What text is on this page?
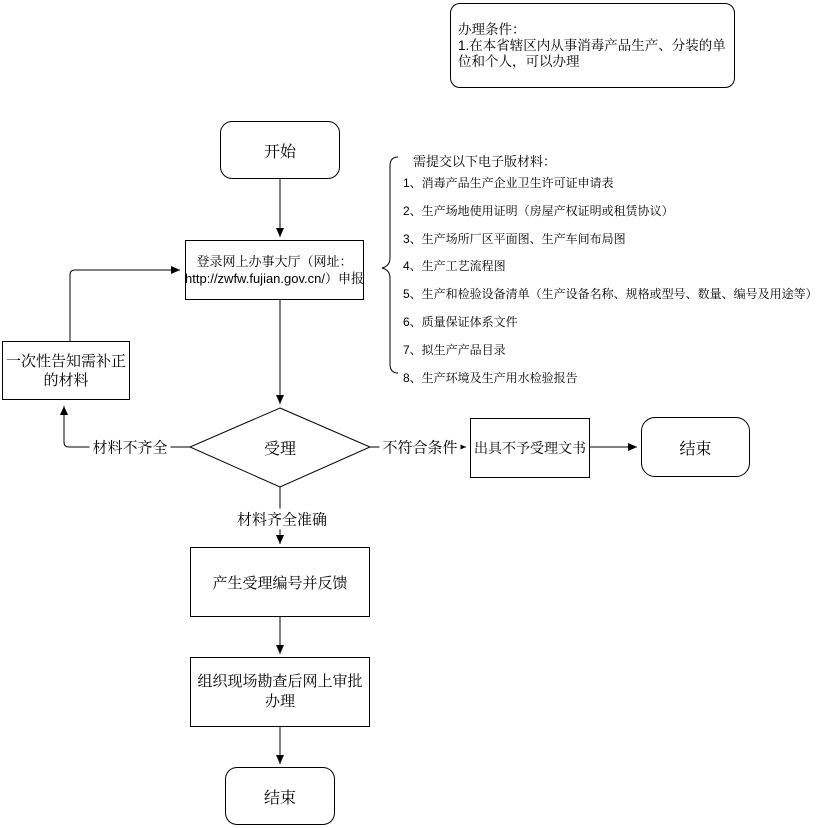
办理条件：
1.在本省辖区内从事消毒产品生产、分装的单位和个人，可以办理
开始
登录网上办事大厅（网址：
http://zwfw.fujian.gov.cn/）申报
需提交以下电子版材料：
1、消毒产品生产企业卫生许可证申请表
2、生产场地使用证明（房屋产权证明或租赁协议）
3、生产场所厂区平面图、生产车间布局图
4、生产工艺流程图
5、生产和检验设备清单（生产设备名称、规格或型号、数量、编号及用途等）
6、质量保证体系文件
7、拟生产产品目录
8、生产环境及生产用水检验报告
一次性告知需补正
的材料
受理	出具不予受理文书	结束
产生受理编号并反馈
组织现场勘查后网上审批
办理
结束
材料不齐全	不符合条件
材料齐全准确
